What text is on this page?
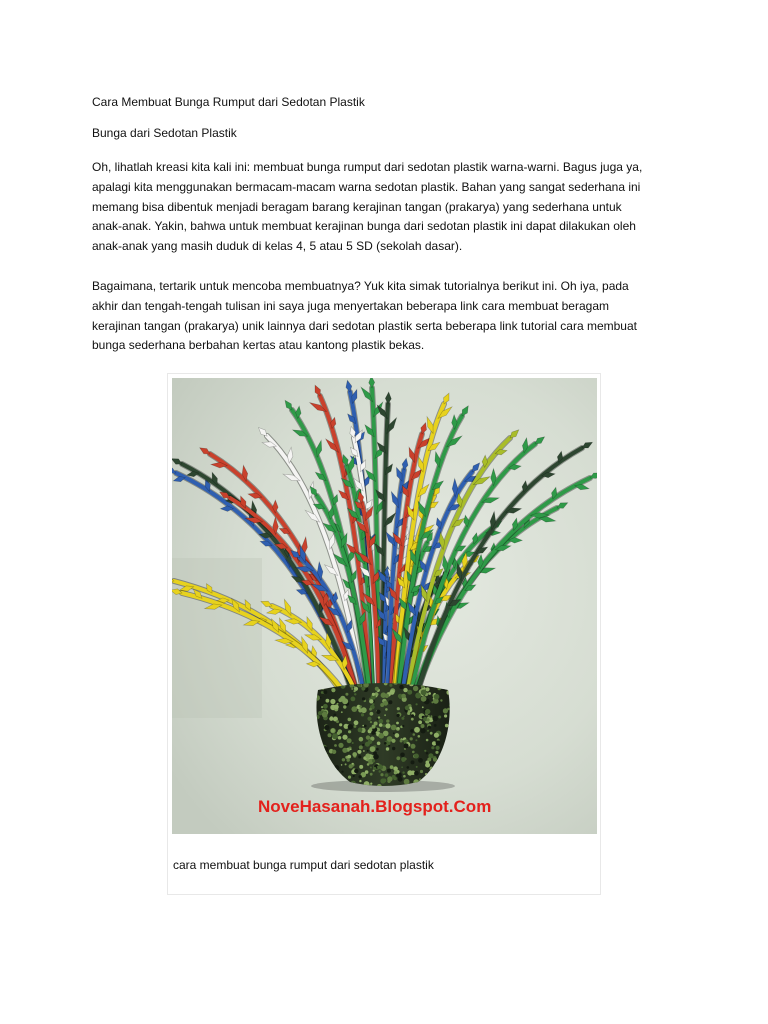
Cara Membuat Bunga Rumput dari Sedotan Plastik
Bunga dari Sedotan Plastik
Oh, lihatlah kreasi kita kali ini: membuat bunga rumput dari sedotan plastik warna-warni. Bagus juga ya,
apalagi kita menggunakan bermacam-macam warna sedotan plastik. Bahan yang sangat sederhana ini
memang bisa dibentuk menjadi beragam barang kerajinan tangan (prakarya) yang sederhana untuk
anak-anak. Yakin, bahwa untuk membuat kerajinan bunga dari sedotan plastik ini dapat dilakukan oleh
anak-anak yang masih duduk di kelas 4, 5 atau 5 SD (sekolah dasar).
Bagaimana, tertarik untuk mencoba membuatnya? Yuk kita simak tutorialnya berikut ini. Oh iya, pada
akhir dan tengah-tengah tulisan ini saya juga menyertakan beberapa link cara membuat beragam
kerajinan tangan (prakarya) unik lainnya dari sedotan plastik serta beberapa link tutorial cara membuat
bunga sederhana berbahan kertas atau kantong plastik bekas.
NoveHasanah.Blogspot.Com
cara membuat bunga rumput dari sedotan plastik
